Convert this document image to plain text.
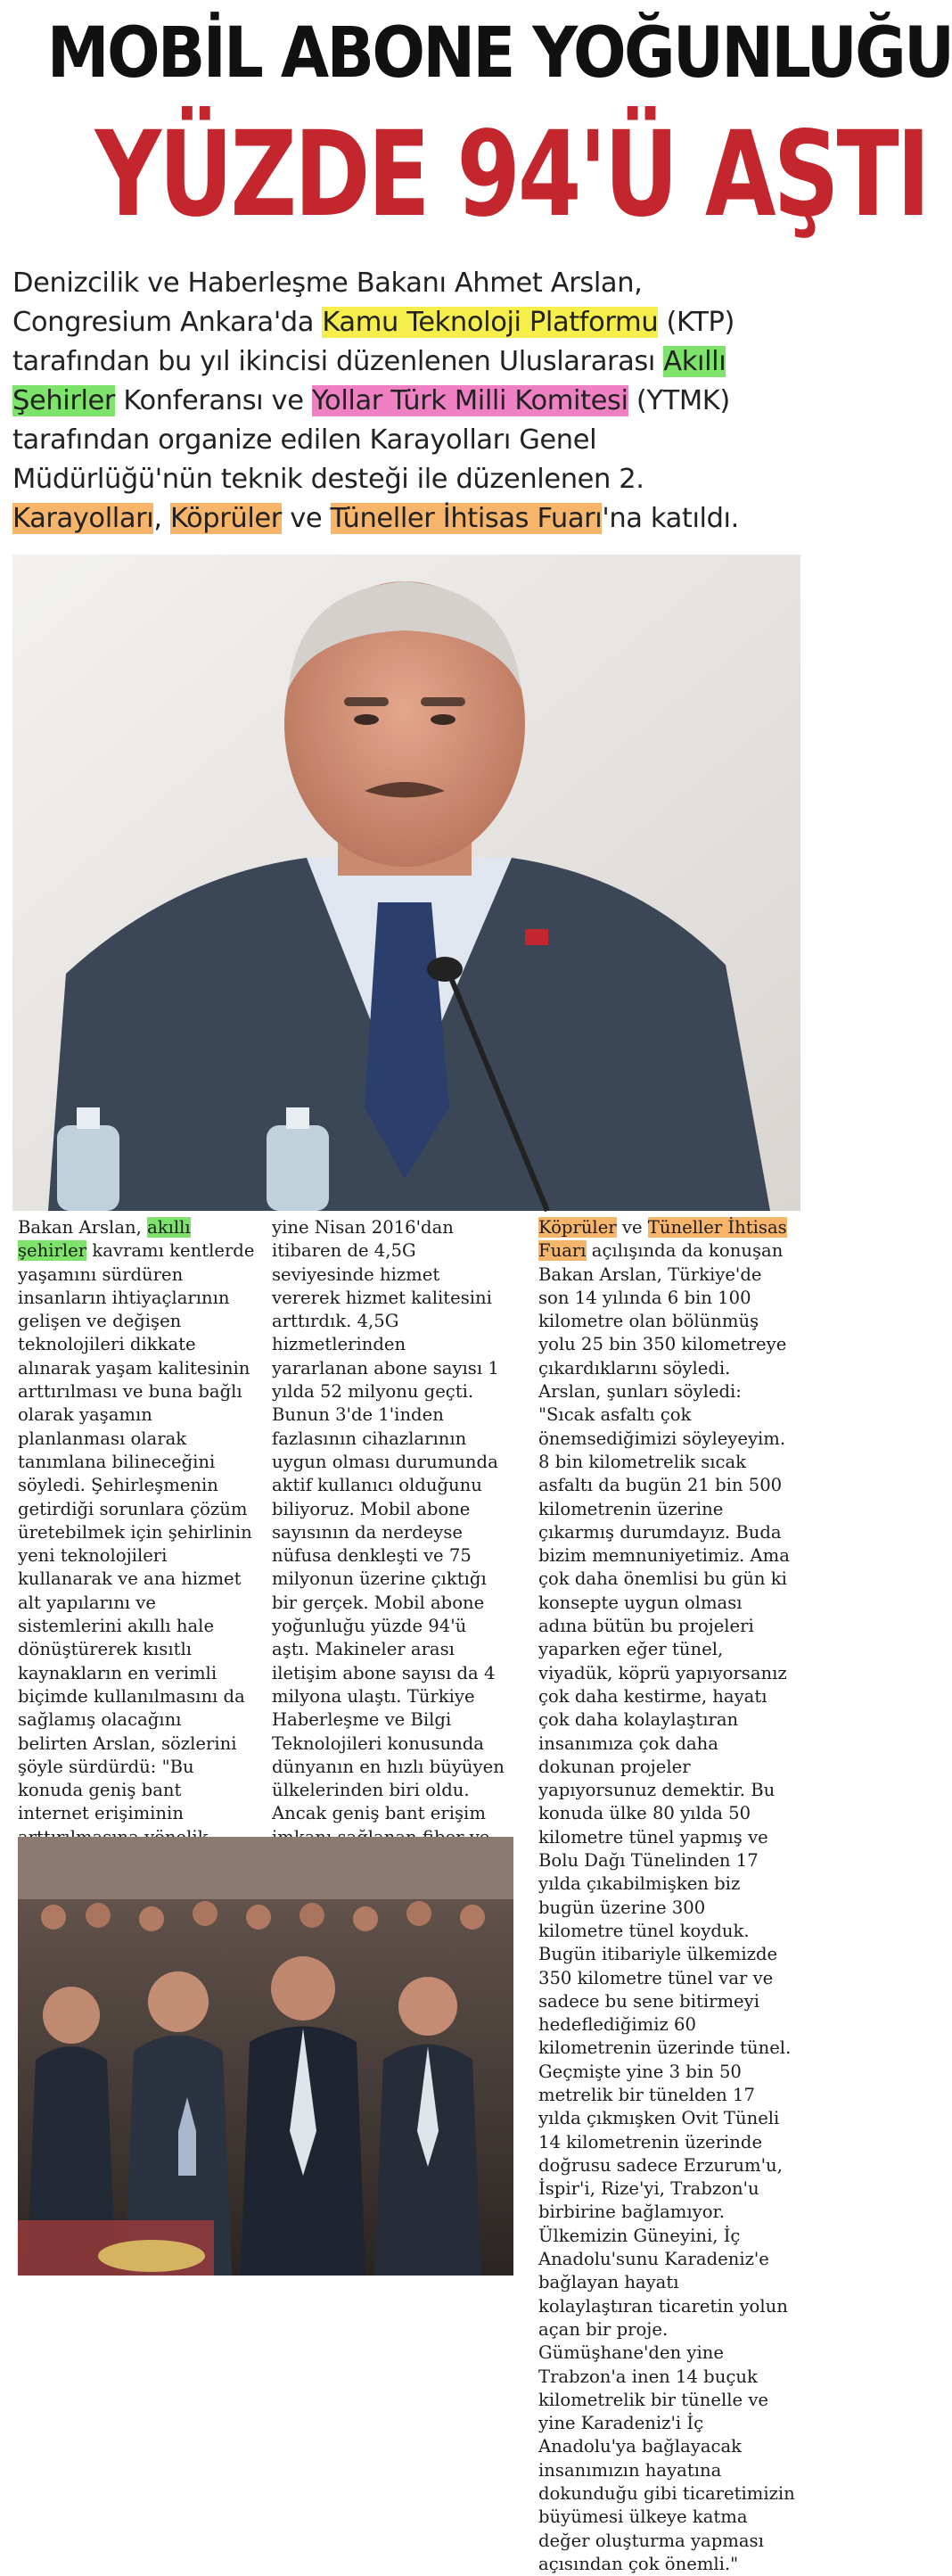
MOBİL ABONE YOĞUNLUĞU
YÜZDE 94'Ü AŞTI
Denizcilik ve Haberleşme Bakanı Ahmet Arslan, Congresium Ankara'da Kamu Teknoloji Platformu (KTP) tarafından bu yıl ikincisi düzenlenen Uluslararası Akıllı Şehirler Konferansı ve Yollar Türk Milli Komitesi (YTMK) tarafından organize edilen Karayolları Genel Müdürlüğü'nün teknik desteği ile düzenlenen 2. Karayolları, Köprüler ve Tüneller İhtisas Fuarı'na katıldı.

Bakan Arslan, akıllı şehirler kavramı kentlerde yaşamını sürdüren insanların ihtiyaçlarının gelişen ve değişen teknolojileri dikkate alınarak yaşam kalitesinin arttırılması ve buna bağlı olarak yaşamın planlanması olarak tanımlana bilineceğini söyledi. Şehirleşmenin getirdiği sorunlara çözüm üretebilmek için şehirlinin yeni teknolojileri kullanarak ve ana hizmet alt yapılarını ve sistemlerini akıllı hale dönüştürerek kısıtlı kaynakların en verimli biçimde kullanılmasını da sağlamış olacağını belirten Arslan, sözlerini şöyle sürdürdü: "Bu konuda geniş bant internet erişiminin

yine Nisan 2016'dan itibaren de 4,5G seviyesinde hizmet vererek hizmet kalitesini arttırdık. 4,5G hizmetlerinden yararlanan abone sayısı 1 yılda 52 milyonu geçti. Bunun 3'de 1'inden fazlasının cihazlarının uygun olması durumunda aktif kullanıcı olduğunu biliyoruz. Mobil abone sayısının da nerdeyse nüfusa denkleşti ve 75 milyonun üzerine çıktığı bir gerçek. Mobil abone yoğunluğu yüzde 94'ü aştı. Makineler arası iletişim abone sayısı da 4 milyona ulaştı. Türkiye Haberleşme ve Bilgi Teknolojileri konusunda dünyanın en hızlı büyüyen ülkelerinden biri oldu. Ancak geniş bant erişim

Köprüler ve Tüneller İhtisas Fuarı açılışında da konuşan Bakan Arslan, Türkiye'de son 14 yılında 6 bin 100 kilometre olan bölünmüş yolu 25 bin 350 kilometreye çıkardıklarını söyledi. Arslan, şunları söyledi: "Sıcak asfaltı çok önemsediğimizi söyleyeyim. 8 bin kilometrelik sıcak asfaltı da bugün 21 bin 500 kilometrenin üzerine çıkarmış durumdayız. Buda bizim memnuniyetimiz. Ama çok daha önemlisi bu gün ki konsepte uygun olması adına bütün bu projeleri yaparken eğer tünel, viyadük, köprü yapıyorsanız çok daha kestirme, hayatı çok daha kolaylaştıran insanımıza çok daha dokunan projeler yapıyorsunuz demektir. Bu konuda ülke 80 yılda 50 kilometre tünel yapmış ve Bolu Dağı Tünelinden 17 yılda çıkabilmişken biz bugün üzerine 300 kilometre tünel koyduk. Bugün itibariyle ülkemizde 350 kilometre tünel var ve sadece bu sene bitirmeyi hedeflediğimiz 60 kilometrenin üzerinde tünel. Geçmişte yine 3 bin 50 metrelik bir tünelden 17 yılda çıkmışken Ovit Tüneli 14 kilometrenin üzerinde doğrusu sadece Erzurum'u, İspir'i, Rize'yi, Trabzon'u birbirine bağlamıyor. Ülkemizin Güneyini, İç Anadolu'sunu Karadeniz'e bağlayan hayatı kolaylaştıran ticaretin yolun açan bir proje. Gümüşhane'den yine Trabzon'a inen 14 buçuk kilometrelik bir tünelle ve yine Karadeniz'i İç Anadolu'ya bağlayacak insanımızın hayatına dokunduğu gibi ticaretimizin büyümesi ülkeye katma değer oluşturma yapması açısından çok önemli."
